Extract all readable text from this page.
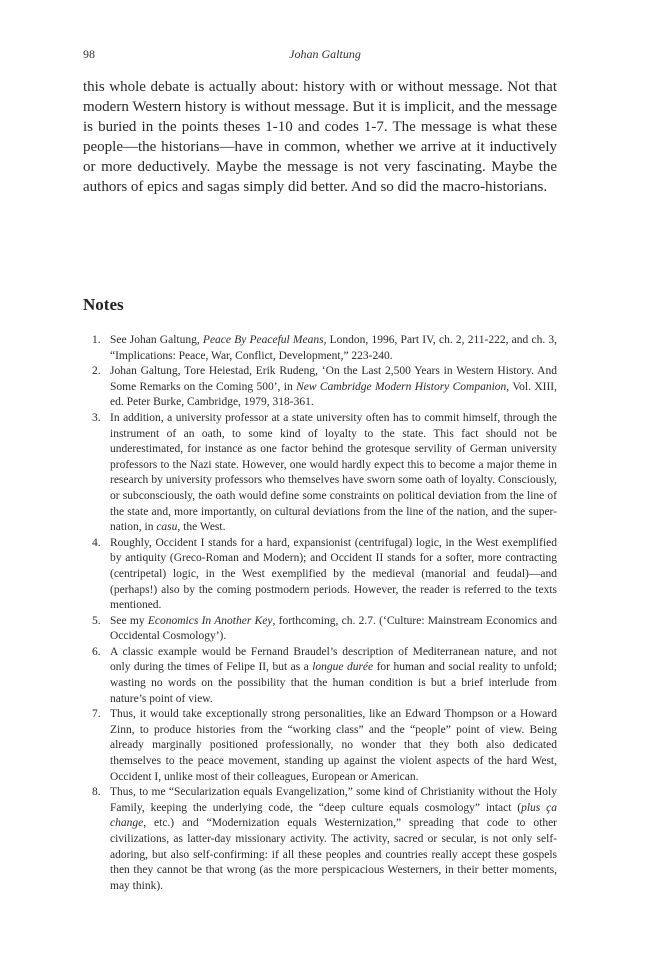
98	Johan Galtung

this whole debate is actually about: history with or without message. Not that modern Western history is without message. But it is implicit, and the message is buried in the points theses 1-10 and codes 1-7. The message is what these people—the historians—have in common, whether we arrive at it inductively or more deductively. Maybe the message is not very fascinating. Maybe the authors of epics and sagas simply did better. And so did the macro-historians.

Notes
1. See Johan Galtung, Peace By Peaceful Means, London, 1996, Part IV, ch. 2, 211-222, and ch. 3, “Implications: Peace, War, Conflict, Development,” 223-240.
2. Johan Galtung, Tore Heiestad, Erik Rudeng, ‘On the Last 2,500 Years in Western History. And Some Remarks on the Coming 500’, in New Cambridge Modern History Companion, Vol. XIII, ed. Peter Burke, Cambridge, 1979, 318-361.
3. In addition, a university professor at a state university often has to commit himself, through the instrument of an oath, to some kind of loyalty to the state. This fact should not be underestimated, for instance as one factor behind the grotesque servility of German university professors to the Nazi state. However, one would hardly expect this to become a major theme in research by university professors who themselves have sworn some oath of loyalty. Consciously, or subconsciously, the oath would define some constraints on political deviation from the line of the state and, more importantly, on cultural deviations from the line of the nation, and the super-nation, in casu, the West.
4. Roughly, Occident I stands for a hard, expansionist (centrifugal) logic, in the West exemplified by antiquity (Greco-Roman and Modern); and Occident II stands for a softer, more contracting (centripetal) logic, in the West exemplified by the medieval (manorial and feudal)—and (perhaps!) also by the coming postmodern periods. However, the reader is referred to the texts mentioned.
5. See my Economics In Another Key, forthcoming, ch. 2.7. (‘Culture: Mainstream Economics and Occidental Cosmology’).
6. A classic example would be Fernand Braudel’s description of Mediterranean nature, and not only during the times of Felipe II, but as a longue durée for human and social reality to unfold; wasting no words on the possibility that the human condition is but a brief interlude from nature’s point of view.
7. Thus, it would take exceptionally strong personalities, like an Edward Thompson or a Howard Zinn, to produce histories from the “working class” and the “people” point of view. Being already marginally positioned professionally, no wonder that they both also dedicated themselves to the peace movement, standing up against the violent aspects of the hard West, Occident I, unlike most of their colleagues, European or American.
8. Thus, to me “Secularization equals Evangelization,” some kind of Christianity without the Holy Family, keeping the underlying code, the “deep culture equals cosmology” intact (plus ça change, etc.) and “Modernization equals Westernization,” spreading that code to other civilizations, as latter-day missionary activity. The activity, sacred or secular, is not only self-adoring, but also self-confirming: if all these peoples and countries really accept these gospels then they cannot be that wrong (as the more perspicacious Westerners, in their better moments, may think).
